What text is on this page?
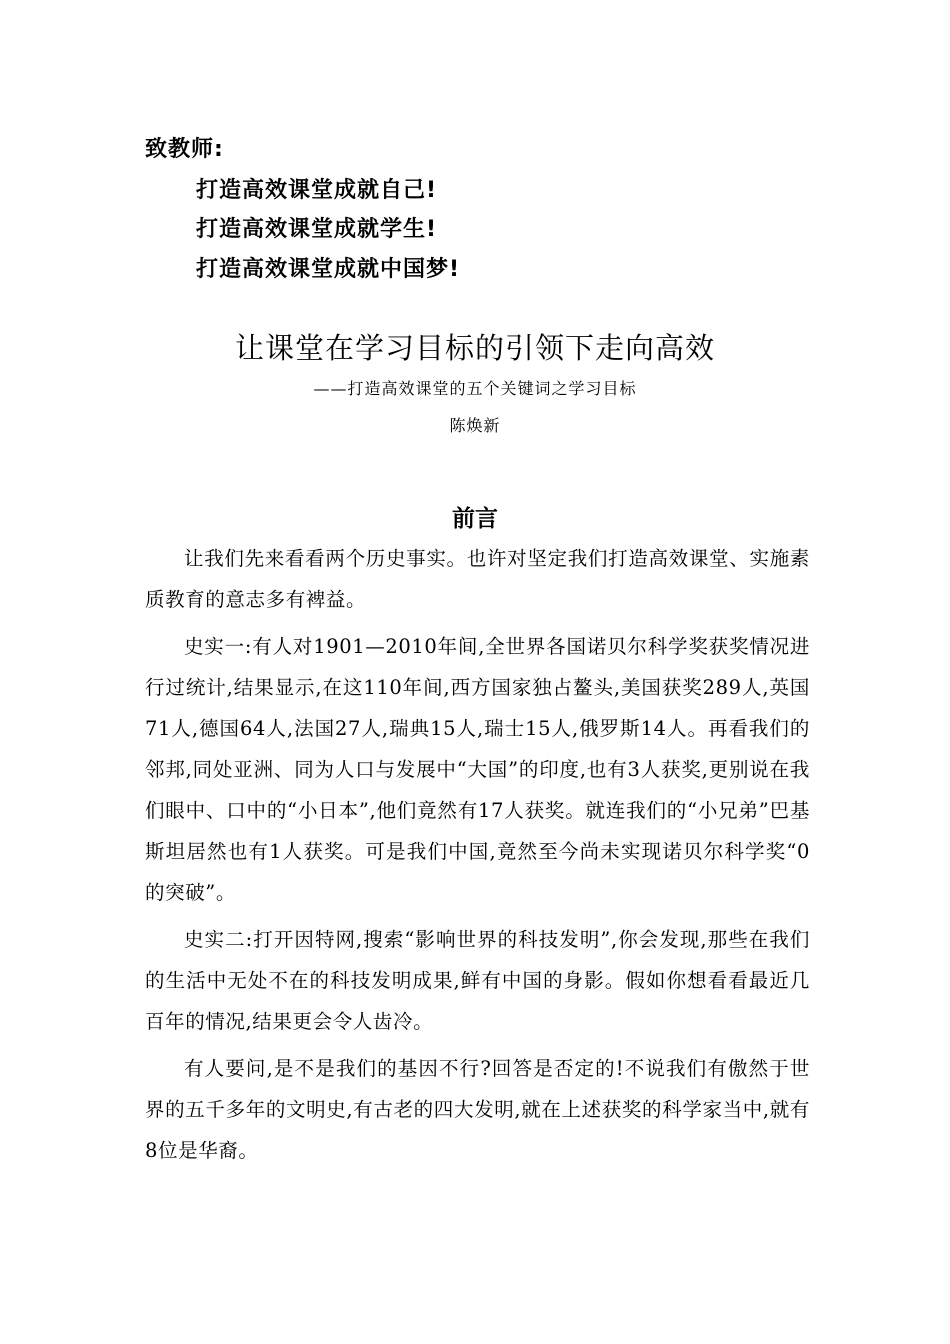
致教师:
打造高效课堂成就自己!
打造高效课堂成就学生!
打造高效课堂成就中国梦!
让课堂在学习目标的引领下走向高效
——打造高效课堂的五个关键词之学习目标
陈焕新
前言

让我们先来看看两个历史事实。也许对坚定我们打造高效课堂、实施素质教育的意志多有裨益。

史实一:有人对1901—2010年间,全世界各国诺贝尔科学奖获奖情况进行过统计,结果显示,在这110年间,西方国家独占鳌头,美国获奖289人,英国71人,德国64人,法国27人,瑞典15人,瑞士15人,俄罗斯14人。再看我们的邻邦,同处亚洲、同为人口与发展中“大国”的印度,也有3人获奖,更别说在我们眼中、口中的“小日本”,他们竟然有17人获奖。就连我们的“小兄弟”巴基斯坦居然也有1人获奖。可是我们中国,竟然至今尚未实现诺贝尔科学奖“0的突破”。

史实二:打开因特网,搜索“影响世界的科技发明”,你会发现,那些在我们的生活中无处不在的科技发明成果,鲜有中国的身影。假如你想看看最近几百年的情况,结果更会令人齿冷。

有人要问,是不是我们的基因不行?回答是否定的!不说我们有傲然于世界的五千多年的文明史,有古老的四大发明,就在上述获奖的科学家当中,就有8位是华裔。
